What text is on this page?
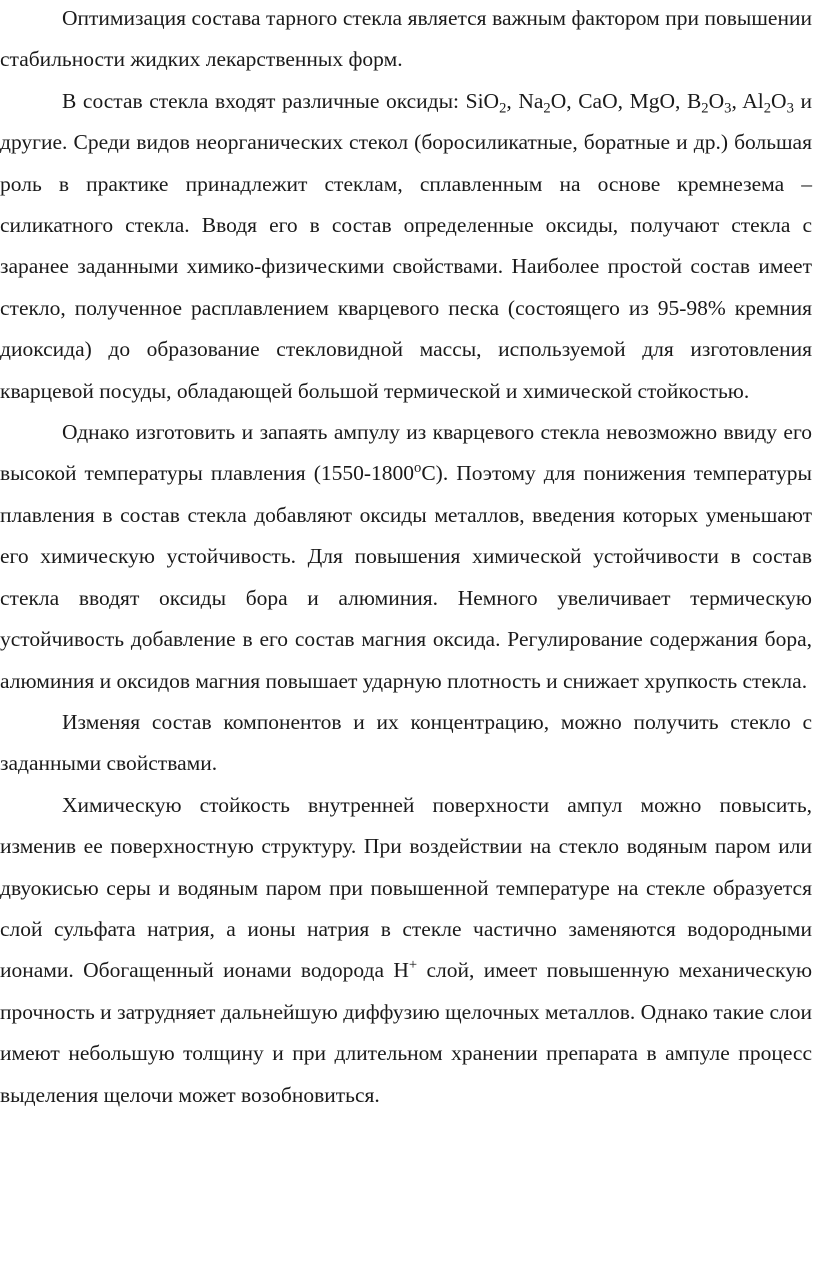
Оптимизация состава тарного стекла является важным фактором при повышении стабильности жидких лекарственных форм.

В состав стекла входят различные оксиды: SiO$_2$, $Na_2O$, CaO, MgO, $B_2O_3$, $Al_2O_3$ и другие. Среди видов неорганических стекол (боросиликатные, боратные и др.) большая роль в практике принадлежит стеклам, сплавленным на основе кремнезема – силикатного стекла. Вводя его в состав определенные оксиды, получают стекла с заранее заданными химико-физическими свойствами. Наиболее простой состав имеет стекло, полученное расплавлением кварцевого песка (состоящего из 95-98% кремния диоксида) до образование стекловидной массы, используемой для изготовления кварцевой посуды, обладающей большой термической и химической стойкостью.

Однако изготовить и запаять ампулу из кварцевого стекла невозможно ввиду его высокой температуры плавления $(1550-1800^оС)$. Поэтому для понижения температуры плавления в состав стекла добавляют оксиды металлов, введения которых уменьшают его химическую устойчивость. Для повышения химической устойчивости в состав стекла вводят оксиды бора и алюминия. Немного увеличивает термическую устойчивость добавление в его состав магния оксида. Регулирование содержания бора, алюминия и оксидов магния повышает ударную плотность и снижает хрупкость стекла.

Изменяя состав компонентов и их концентрацию, можно получить стекло с заданными свойствами.

Химическую стойкость внутренней поверхности ампул можно повысить, изменив ее поверхностную структуру. При воздействии на стекло водяным паром или двуокисью серы и водяным паром при повышенной температуре на стекле образуется слой сульфата натрия, а ионы натрия в стекле частично заменяются водородными ионами. Обогащенный ионами водорода Н+ слой, имеет повышенную механическую прочность и затрудняет дальнейшую диффузию щелочных металлов. Однако такие слои имеют небольшую толщину и при длительном хранении препарата в ампуле процесс выделения щелочи может возобновиться.
